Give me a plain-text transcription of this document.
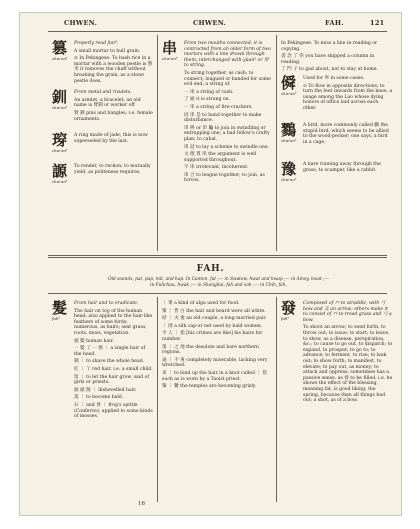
CHWEN.	CHWEN.	FAH.	121
篡
chw'an⁴

Properly read fan⁴.

A small mortar to hull grain.

⊙ In Pekingese. To bash rice in a mortar with a wooden pestle is 篡 米 it removes the chaff without breaking the grain, as a stone pestle does.

釧
chw'an⁴

From metal and rivulets.

An armlet, a bracelet; an old name is 臂釧 or worker off

臂 釧 pins and bangles; i.e. female ornaments.

瑏
chw'an⁴

A ring made of jade; this is now superseded by the last.

謜
chw'an⁴

To render, to reckon; to mutually yield, as politeness requires.

串
chw'an⁴

From two mouths connected; it is contracted from an older form of two mortars with a line drawn through them; interchanged with yüan² or 穿 to string.

To string together, as cash; to connect; leagued or banded for some evil end; a string of.

一 串 a string of cash.

了 通 it is strung on.

一 串 a string of fire-crackers.

同 串 是 to band together to make disturbance.

串 哄 or 串 騙 to join in swindling or entrapping one; a bad fellow's crafty plan; to cabal.

串 話 to lay a scheme to swindle one.

文 理 貫 串 the argument is well supported throughout.

不 串 irrelevant, incoherent.

串 合 to league together; to join, as forces.

In Pekingese. To miss a line in reading or copying.

書 念 了 你 you have skipped a column in reading.

了 門 子 to gad about, not to stay at home.

僢
chw'an⁴

Used for 舛 in some cases.

⊙ To flow in opposite directions; to turn the feet inwards from the knee, a usage among the Lao whose dying honors of office laid across each other.

鷚
chw'an⁴

A bird, more commonly called 鸕 the stupid bird, which seems to be allied to the wood-pecker; one says, a bird in a cage.

豫
chw'an⁴

A hare running away through the grass; to scamper, like a rabbit.

FAH.
Old sounds, pat, pap, mit, and hap. In Canton, fat ;— in Swatow, hwat and hwap ;— in Amoy, hwat ;—
in Fuhchau, hwak ;— in Shanghai, fah and vah ;— in Chih, fah.
髮
fah⁴

From hair and to eradicate.

The hair on top of the human head; also applied to the hair-like feathers of some birds; numerous, as hairs; seat grass, roots, moss, vegetation.

頭 髮 human hair.

一 髮 了 一 揍 ｜ a single hair of the head.

剃 ｜ to shave the whole head.

紅 ｜ 丫 red hair, i.e. a small child.

留 ｜ to let the hair grow, said of girls or priests.

披 頭 散 ｜ dishevelled hair.

落 ｜ to become bald.

石 ｜ and 香 ｜ frog's spittle (Conferve); applied to some kinds of mosses.

｜ 菜 a kind of alga used for food.

鬚 ｜ 皆 白 the hair and beard were all white.

結 ｜ 夫 妻 an old couple, a long married pair.

｜ 削 a silk cap or net used by bald women.

令 人 ｜ 指 [his crimes are like] his hairs for number.

蓬 ｜ 之 地 the desolate and bare northern regions.

毫 ｜ 不 爽 completely miserable, lacking very wretched.

束 ｜ to bind up the hair in a knot called ｜ 髻 such as is worn by a Taoist priest.

鬚 ｜ 鬢 the temples are becoming grizly.

發
fah⁴

Composed of 癶 to straddle, with 弓 bow and 殳 an arrow; others make it to consist of 癶 to tread grass and 弓 a bow.

To shoot an arrow; to send forth, to throw out; to issue; to start; to leave, to show, as a disease, perspiration, &c.; to cause to go out, to dispatch; to expand, to prosper; to go to; to advance; to ferment, to rise; to leak out; to show forth; to manifest, to elevate; to pay out, as money; to attack and oppress; sometimes has a passive sense, as 發 to be filled, i.e. he shows the effect of the blessing, meaning fat, is good liking; the spring, because then all things bud out; a shot, as of a bow.

16
